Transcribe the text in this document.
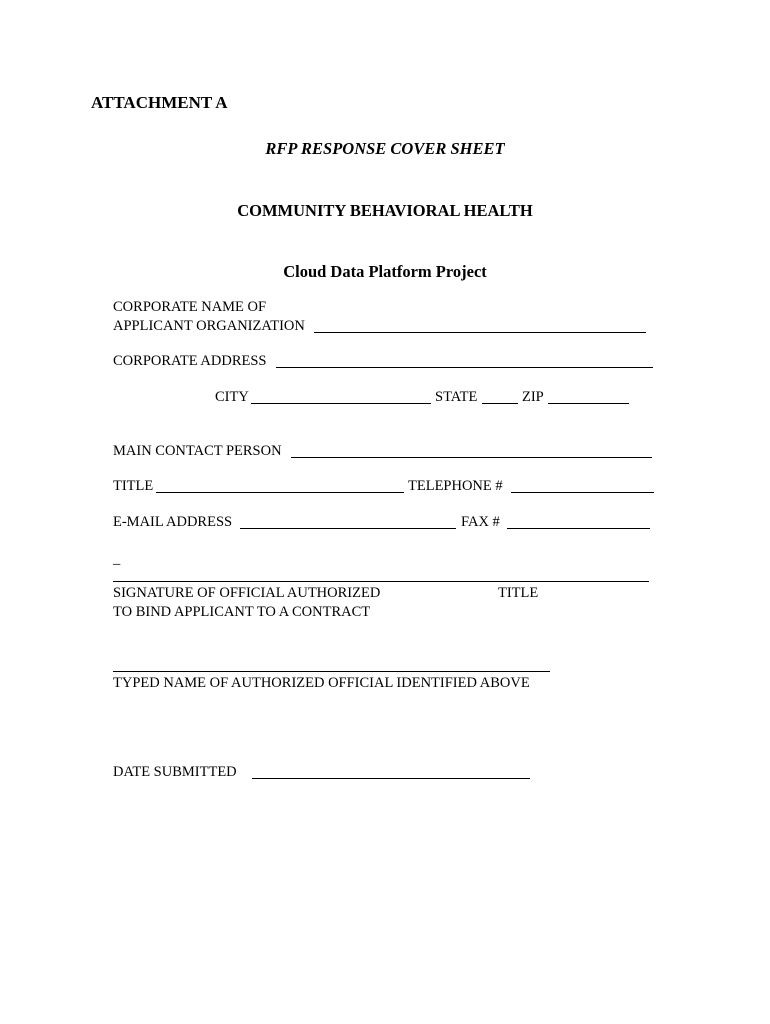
ATTACHMENT A
RFP RESPONSE COVER SHEET
COMMUNITY BEHAVIORAL HEALTH
Cloud Data Platform Project
CORPORATE NAME OF
APPLICANT ORGANIZATION
CORPORATE ADDRESS
CITY	STATE	ZIP
MAIN CONTACT PERSON
TITLE	TELEPHONE #
E-MAIL ADDRESS	FAX #
_
SIGNATURE OF OFFICIAL AUTHORIZED
TO BIND APPLICANT TO A CONTRACT
TITLE
TYPED NAME OF AUTHORIZED OFFICIAL IDENTIFIED ABOVE
DATE SUBMITTED
